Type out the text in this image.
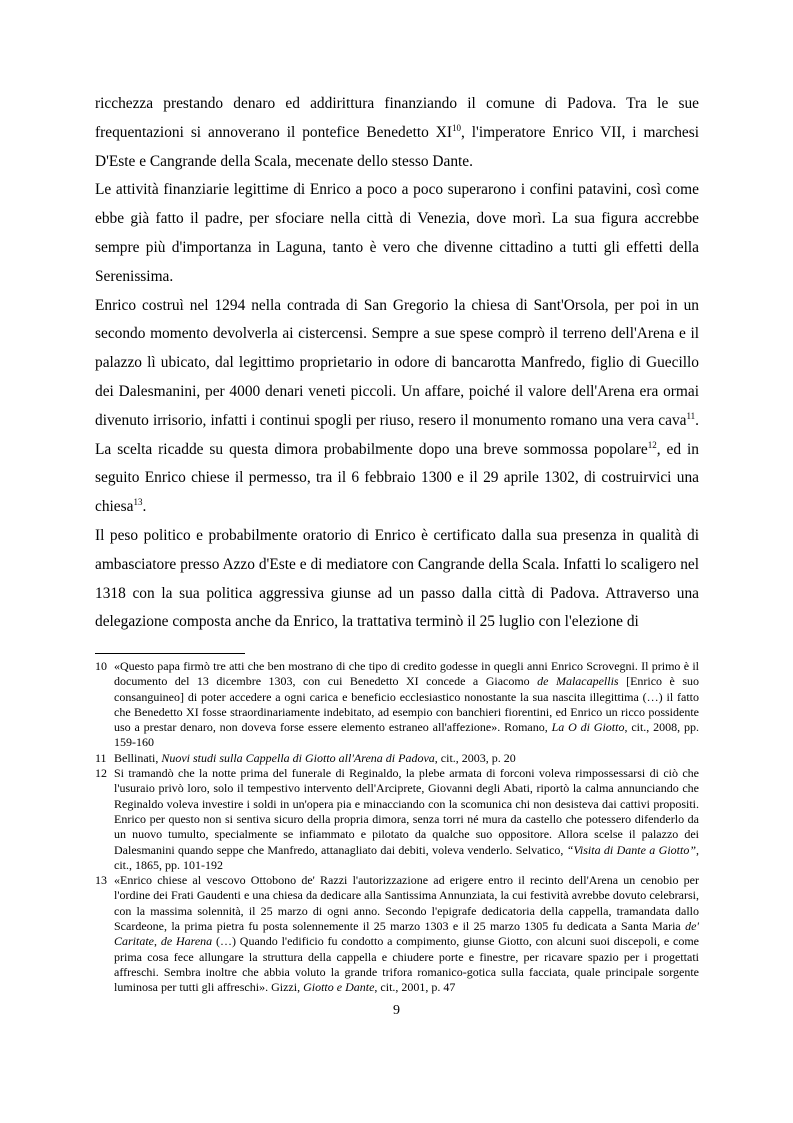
ricchezza prestando denaro ed addirittura finanziando il comune di Padova. Tra le sue frequentazioni si annoverano il pontefice Benedetto XI$^{10}$, l'imperatore Enrico VII, i marchesi D'Este e Cangrande della Scala, mecenate dello stesso Dante.

Le attività finanziarie legittime di Enrico a poco a poco superarono i confini patavini, così come ebbe già fatto il padre, per sfociare nella città di Venezia, dove morì. La sua figura accrebbe sempre più d'importanza in Laguna, tanto è vero che divenne cittadino a tutti gli effetti della Serenissima.

Enrico costruì nel 1294 nella contrada di San Gregorio la chiesa di Sant'Orsola, per poi in un secondo momento devolverla ai cistercensi. Sempre a sue spese comprò il terreno dell'Arena e il palazzo lì ubicato, dal legittimo proprietario in odore di bancarotta Manfredo, figlio di Guecillo dei Dalesmanini, per 4000 denari veneti piccoli. Un affare, poiché il valore dell'Arena era ormai divenuto irrisorio, infatti i continui spogli per riuso, resero il monumento romano una vera cava$^{11}$. La scelta ricadde su questa dimora probabilmente dopo una breve sommossa popolare$^{12}$, ed in seguito Enrico chiese il permesso, tra il 6 febbraio 1300 e il 29 aprile 1302, di costruirvici una chiesa$^{13}$.

Il peso politico e probabilmente oratorio di Enrico è certificato dalla sua presenza in qualità di ambasciatore presso Azzo d'Este e di mediatore con Cangrande della Scala. Infatti lo scaligero nel 1318 con la sua politica aggressiva giunse ad un passo dalla città di Padova. Attraverso una delegazione composta anche da Enrico, la trattativa terminò il 25 luglio con l'elezione di

10 «Questo papa firmò tre atti che ben mostrano di che tipo di credito godesse in quegli anni Enrico Scrovegni. Il primo è il documento del 13 dicembre 1303, con cui Benedetto XI concede a Giacomo de Malacapellis [Enrico è suo consanguineo] di poter accedere a ogni carica e beneficio ecclesiastico nonostante la sua nascita illegittima (…) il fatto che Benedetto XI fosse straordinariamente indebitato, ad esempio con banchieri fiorentini, ed Enrico un ricco possidente uso a prestar denaro, non doveva forse essere elemento estraneo all'affezione». Romano, La O di Giotto, cit., 2008, pp. 159-160
11 Bellinati, Nuovi studi sulla Cappella di Giotto all'Arena di Padova, cit., 2003, p. 20
12 Si tramandò che la notte prima del funerale di Reginaldo, la plebe armata di forconi voleva rimpossessarsi di ciò che l'usuraio privò loro, solo il tempestivo intervento dell'Arciprete, Giovanni degli Abati, riportò la calma annunciando che Reginaldo voleva investire i soldi in un'opera pia e minacciando con la scomunica chi non desisteva dai cattivi propositi. Enrico per questo non si sentiva sicuro della propria dimora, senza torri né mura da castello che potessero difenderlo da un nuovo tumulto, specialmente se infiammato e pilotato da qualche suo oppositore. Allora scelse il palazzo dei Dalesmanini quando seppe che Manfredo, attanagliato dai debiti, voleva venderlo. Selvatico, “Visita di Dante a Giotto”, cit., 1865, pp. 101-192
13 «Enrico chiese al vescovo Ottobono de' Razzi l'autorizzazione ad erigere entro il recinto dell'Arena un cenobio per l'ordine dei Frati Gaudenti e una chiesa da dedicare alla Santissima Annunziata, la cui festività avrebbe dovuto celebrarsi, con la massima solennità, il 25 marzo di ogni anno. Secondo l'epigrafe dedicatoria della cappella, tramandata dallo Scardeone, la prima pietra fu posta solennemente il 25 marzo 1303 e il 25 marzo 1305 fu dedicata a Santa Maria de' Caritate, de Harena (…) Quando l'edificio fu condotto a compimento, giunse Giotto, con alcuni suoi discepoli, e come prima cosa fece allungare la struttura della cappella e chiudere porte e finestre, per ricavare spazio per i progettati affreschi. Sembra inoltre che abbia voluto la grande trifora romanico-gotica sulla facciata, quale principale sorgente luminosa per tutti gli affreschi». Gizzi, Giotto e Dante, cit., 2001, p. 47
9
